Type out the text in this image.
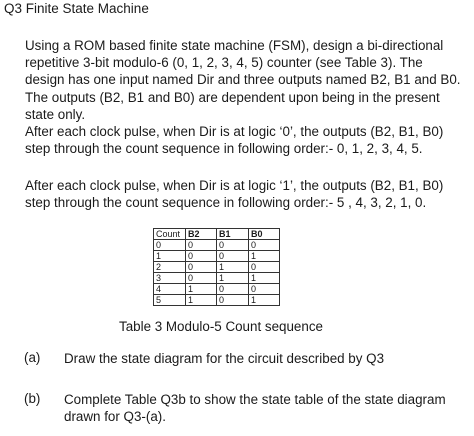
Q3 Finite State Machine
Using a ROM based finite state machine (FSM), design a bi-directional
repetitive 3-bit modulo-6 (0, 1, 2, 3, 4, 5) counter (see Table 3). The
design has one input named Dir and three outputs named B2, B1 and B0.
The outputs (B2, B1 and B0) are dependent upon being in the present
state only.
After each clock pulse, when Dir is at logic ‘0’, the outputs (B2, B1, B0)
step through the count sequence in following order:- 0, 1, 2, 3, 4, 5.
After each clock pulse, when Dir is at logic ‘1’, the outputs (B2, B1, B0)
step through the count sequence in following order:- 5 , 4, 3, 2, 1, 0.
Count	B2	B1	B0
0	0	0	0
1	0	0	1
2	0	1	0
3	0	1	1
4	1	0	0
5	1	0	1
Table 3 Modulo-5 Count sequence
(a) Draw the state diagram for the circuit described by Q3
(b) Complete Table Q3b to show the state table of the state diagram
drawn for Q3-(a).
